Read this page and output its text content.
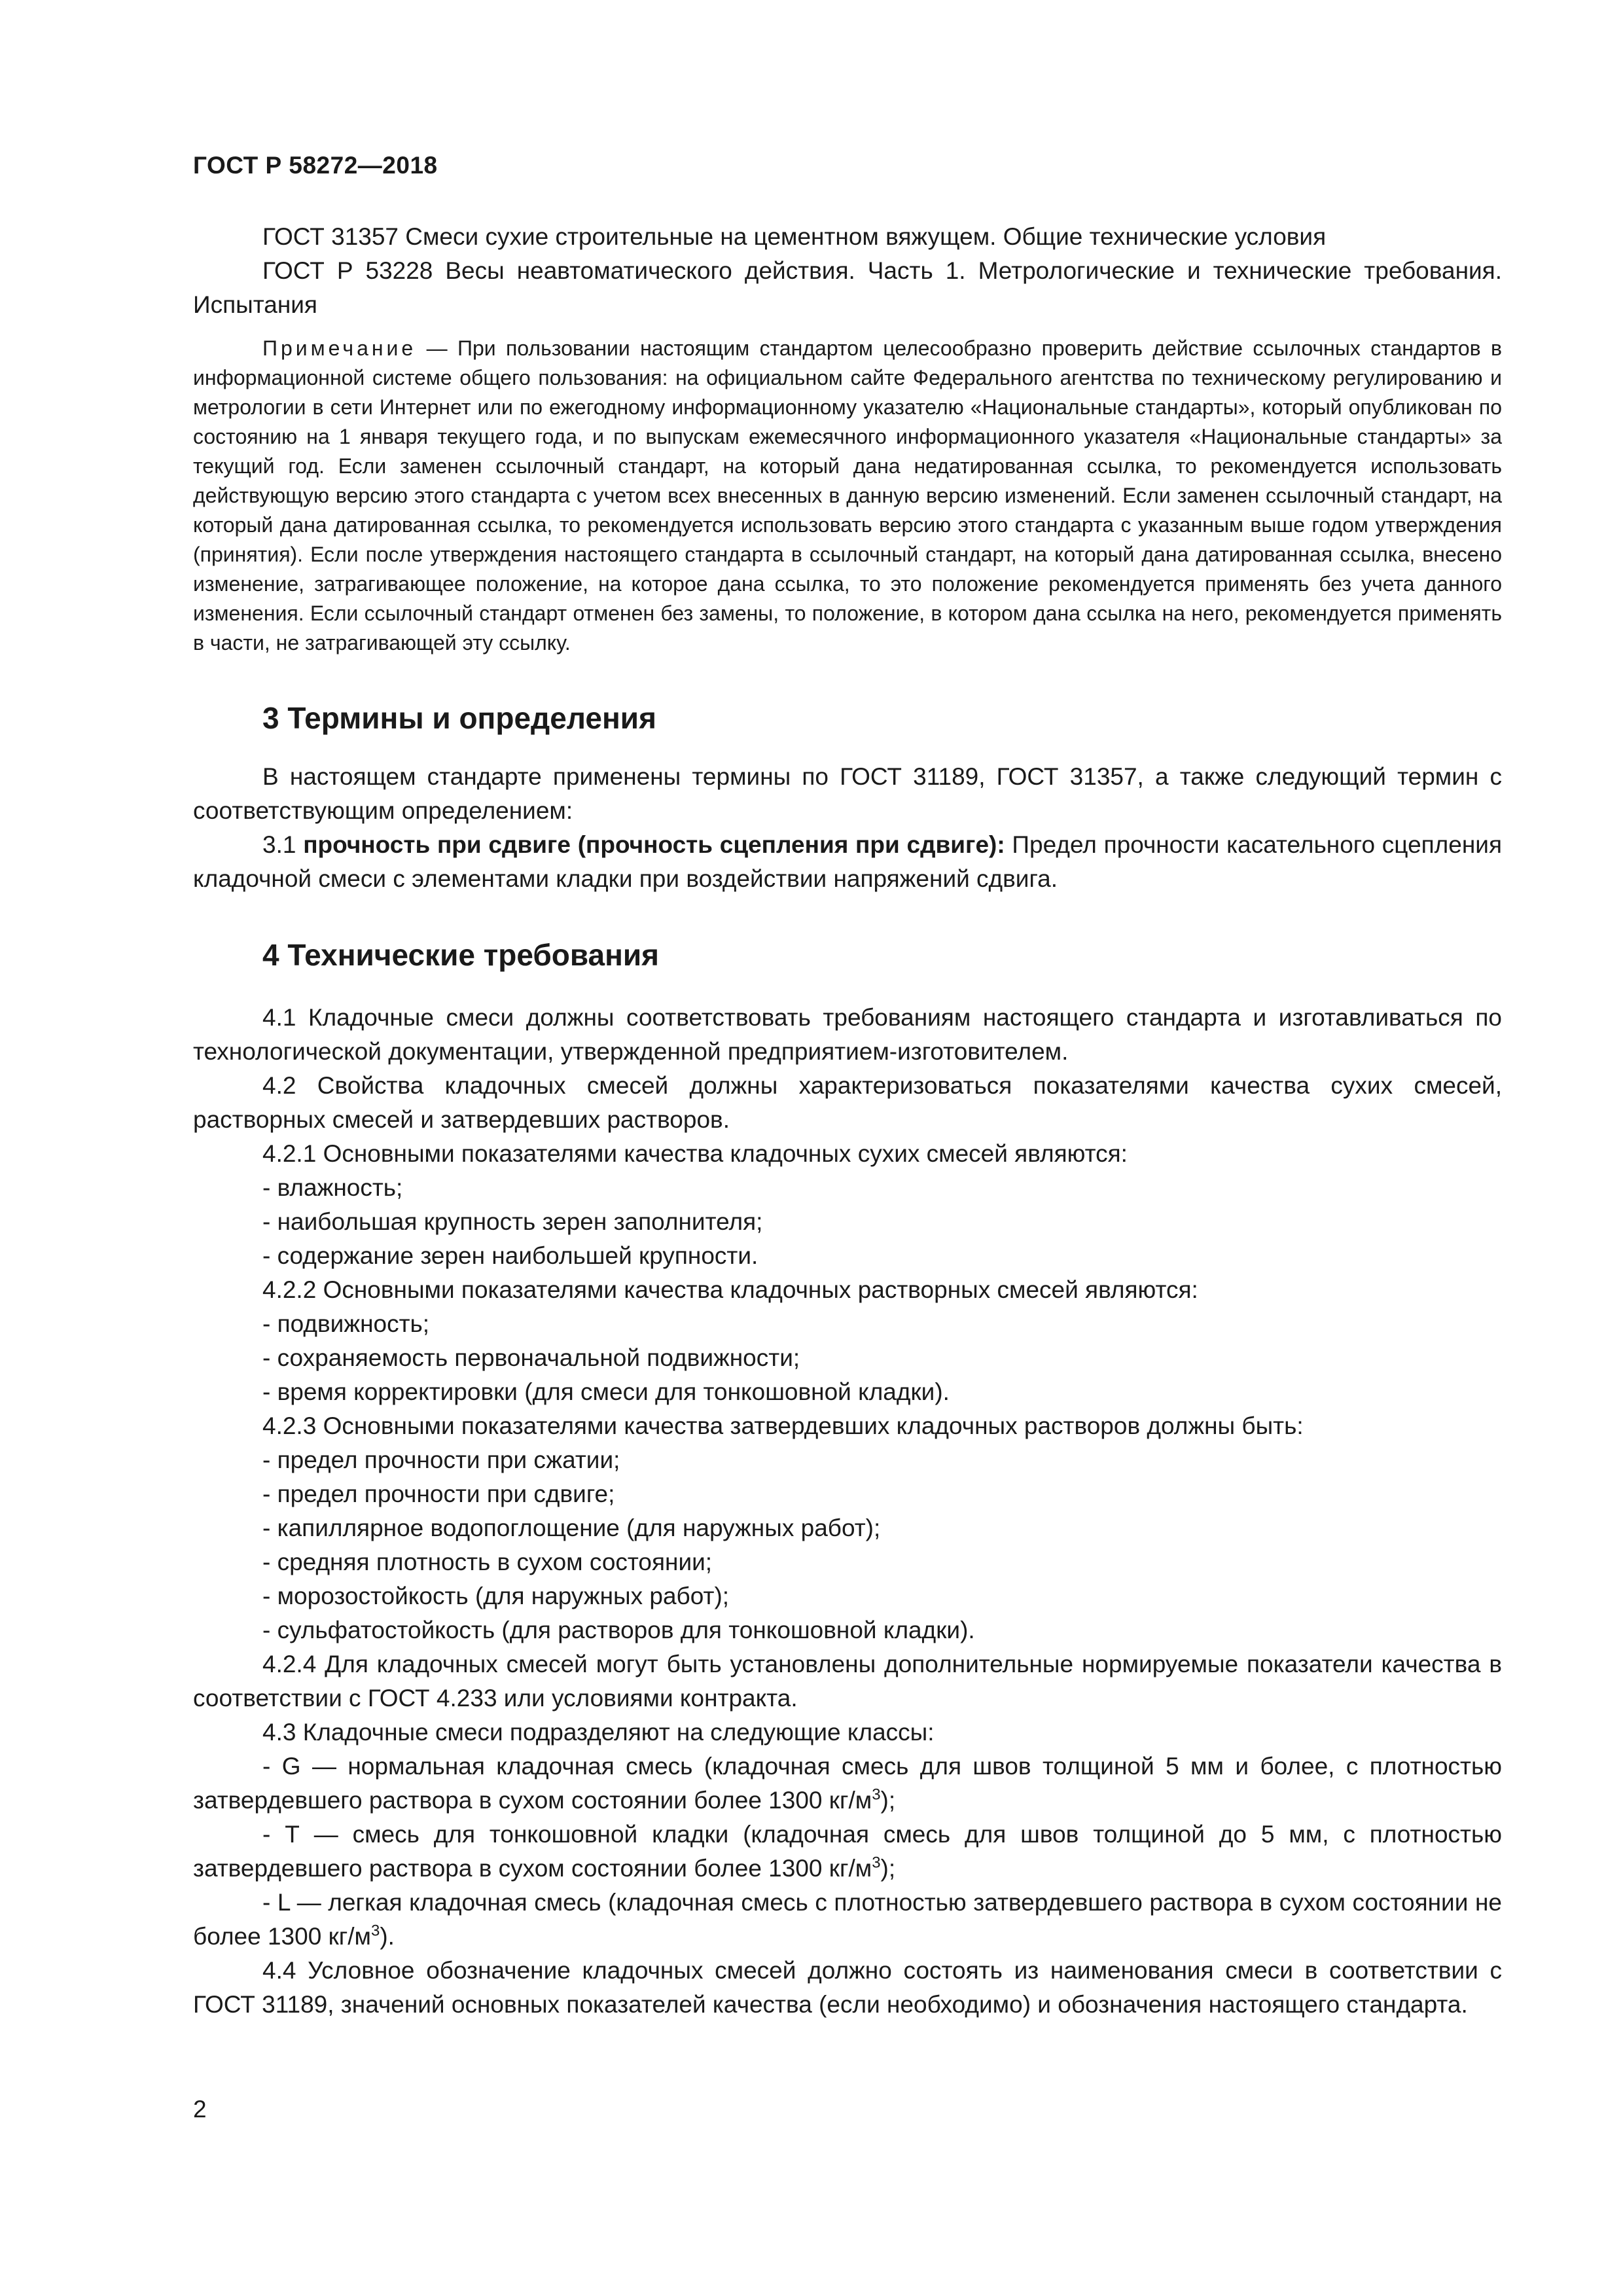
ГОСТ Р 58272—2018

ГОСТ 31357 Смеси сухие строительные на цементном вяжущем. Общие технические условия

ГОСТ Р 53228 Весы неавтоматического действия. Часть 1. Метрологические и технические требования. Испытания

Примечание — При пользовании настоящим стандартом целесообразно проверить действие ссылочных стандартов в информационной системе общего пользования: на официальном сайте Федерального агентства по техническому регулированию и метрологии в сети Интернет или по ежегодному информационному указателю «Национальные стандарты», который опубликован по состоянию на 1 января текущего года, и по выпускам ежемесячного информационного указателя «Национальные стандарты» за текущий год. Если заменен ссылочный стандарт, на который дана недатированная ссылка, то рекомендуется использовать действующую версию этого стандарта с учетом всех внесенных в данную версию изменений. Если заменен ссылочный стандарт, на который дана датированная ссылка, то рекомендуется использовать версию этого стандарта с указанным выше годом утверждения (принятия). Если после утверждения настоящего стандарта в ссылочный стандарт, на который дана датированная ссылка, внесено изменение, затрагивающее положение, на которое дана ссылка, то это положение рекомендуется применять без учета данного изменения. Если ссылочный стандарт отменен без замены, то положение, в котором дана ссылка на него, рекомендуется применять в части, не затрагивающей эту ссылку.

3 Термины и определения

В настоящем стандарте применены термины по ГОСТ 31189, ГОСТ 31357, а также следующий термин с соответствующим определением:

3.1 прочность при сдвиге (прочность сцепления при сдвиге): Предел прочности касательного сцепления кладочной смеси с элементами кладки при воздействии напряжений сдвига.

4 Технические требования

4.1 Кладочные смеси должны соответствовать требованиям настоящего стандарта и изготавливаться по технологической документации, утвержденной предприятием-изготовителем.

4.2 Свойства кладочных смесей должны характеризоваться показателями качества сухих смесей, растворных смесей и затвердевших растворов.

4.2.1 Основными показателями качества кладочных сухих смесей являются:

- влажность;

- наибольшая крупность зерен заполнителя;

- содержание зерен наибольшей крупности.

4.2.2 Основными показателями качества кладочных растворных смесей являются:

- подвижность;

- сохраняемость первоначальной подвижности;

- время корректировки (для смеси для тонкошовной кладки).

4.2.3 Основными показателями качества затвердевших кладочных растворов должны быть:

- предел прочности при сжатии;

- предел прочности при сдвиге;

- капиллярное водопоглощение (для наружных работ);

- средняя плотность в сухом состоянии;

- морозостойкость (для наружных работ);

- сульфатостойкость (для растворов для тонкошовной кладки).

4.2.4 Для кладочных смесей могут быть установлены дополнительные нормируемые показатели качества в соответствии с ГОСТ 4.233 или условиями контракта.

4.3 Кладочные смеси подразделяют на следующие классы:

- G — нормальная кладочная смесь (кладочная смесь для швов толщиной 5 мм и более, с плотностью затвердевшего раствора в сухом состоянии более 1300 $кг/м^3$);

- Т — смесь для тонкошовной кладки (кладочная смесь для швов толщиной до 5 мм, с плотностью затвердевшего раствора в сухом состоянии более 1300 $кг/м^3$);

- L — легкая кладочная смесь (кладочная смесь с плотностью затвердевшего раствора в сухом состоянии не более 1300 $кг/м^3$).

4.4 Условное обозначение кладочных смесей должно состоять из наименования смеси в соответствии с ГОСТ 31189, значений основных показателей качества (если необходимо) и обозначения настоящего стандарта.

2
